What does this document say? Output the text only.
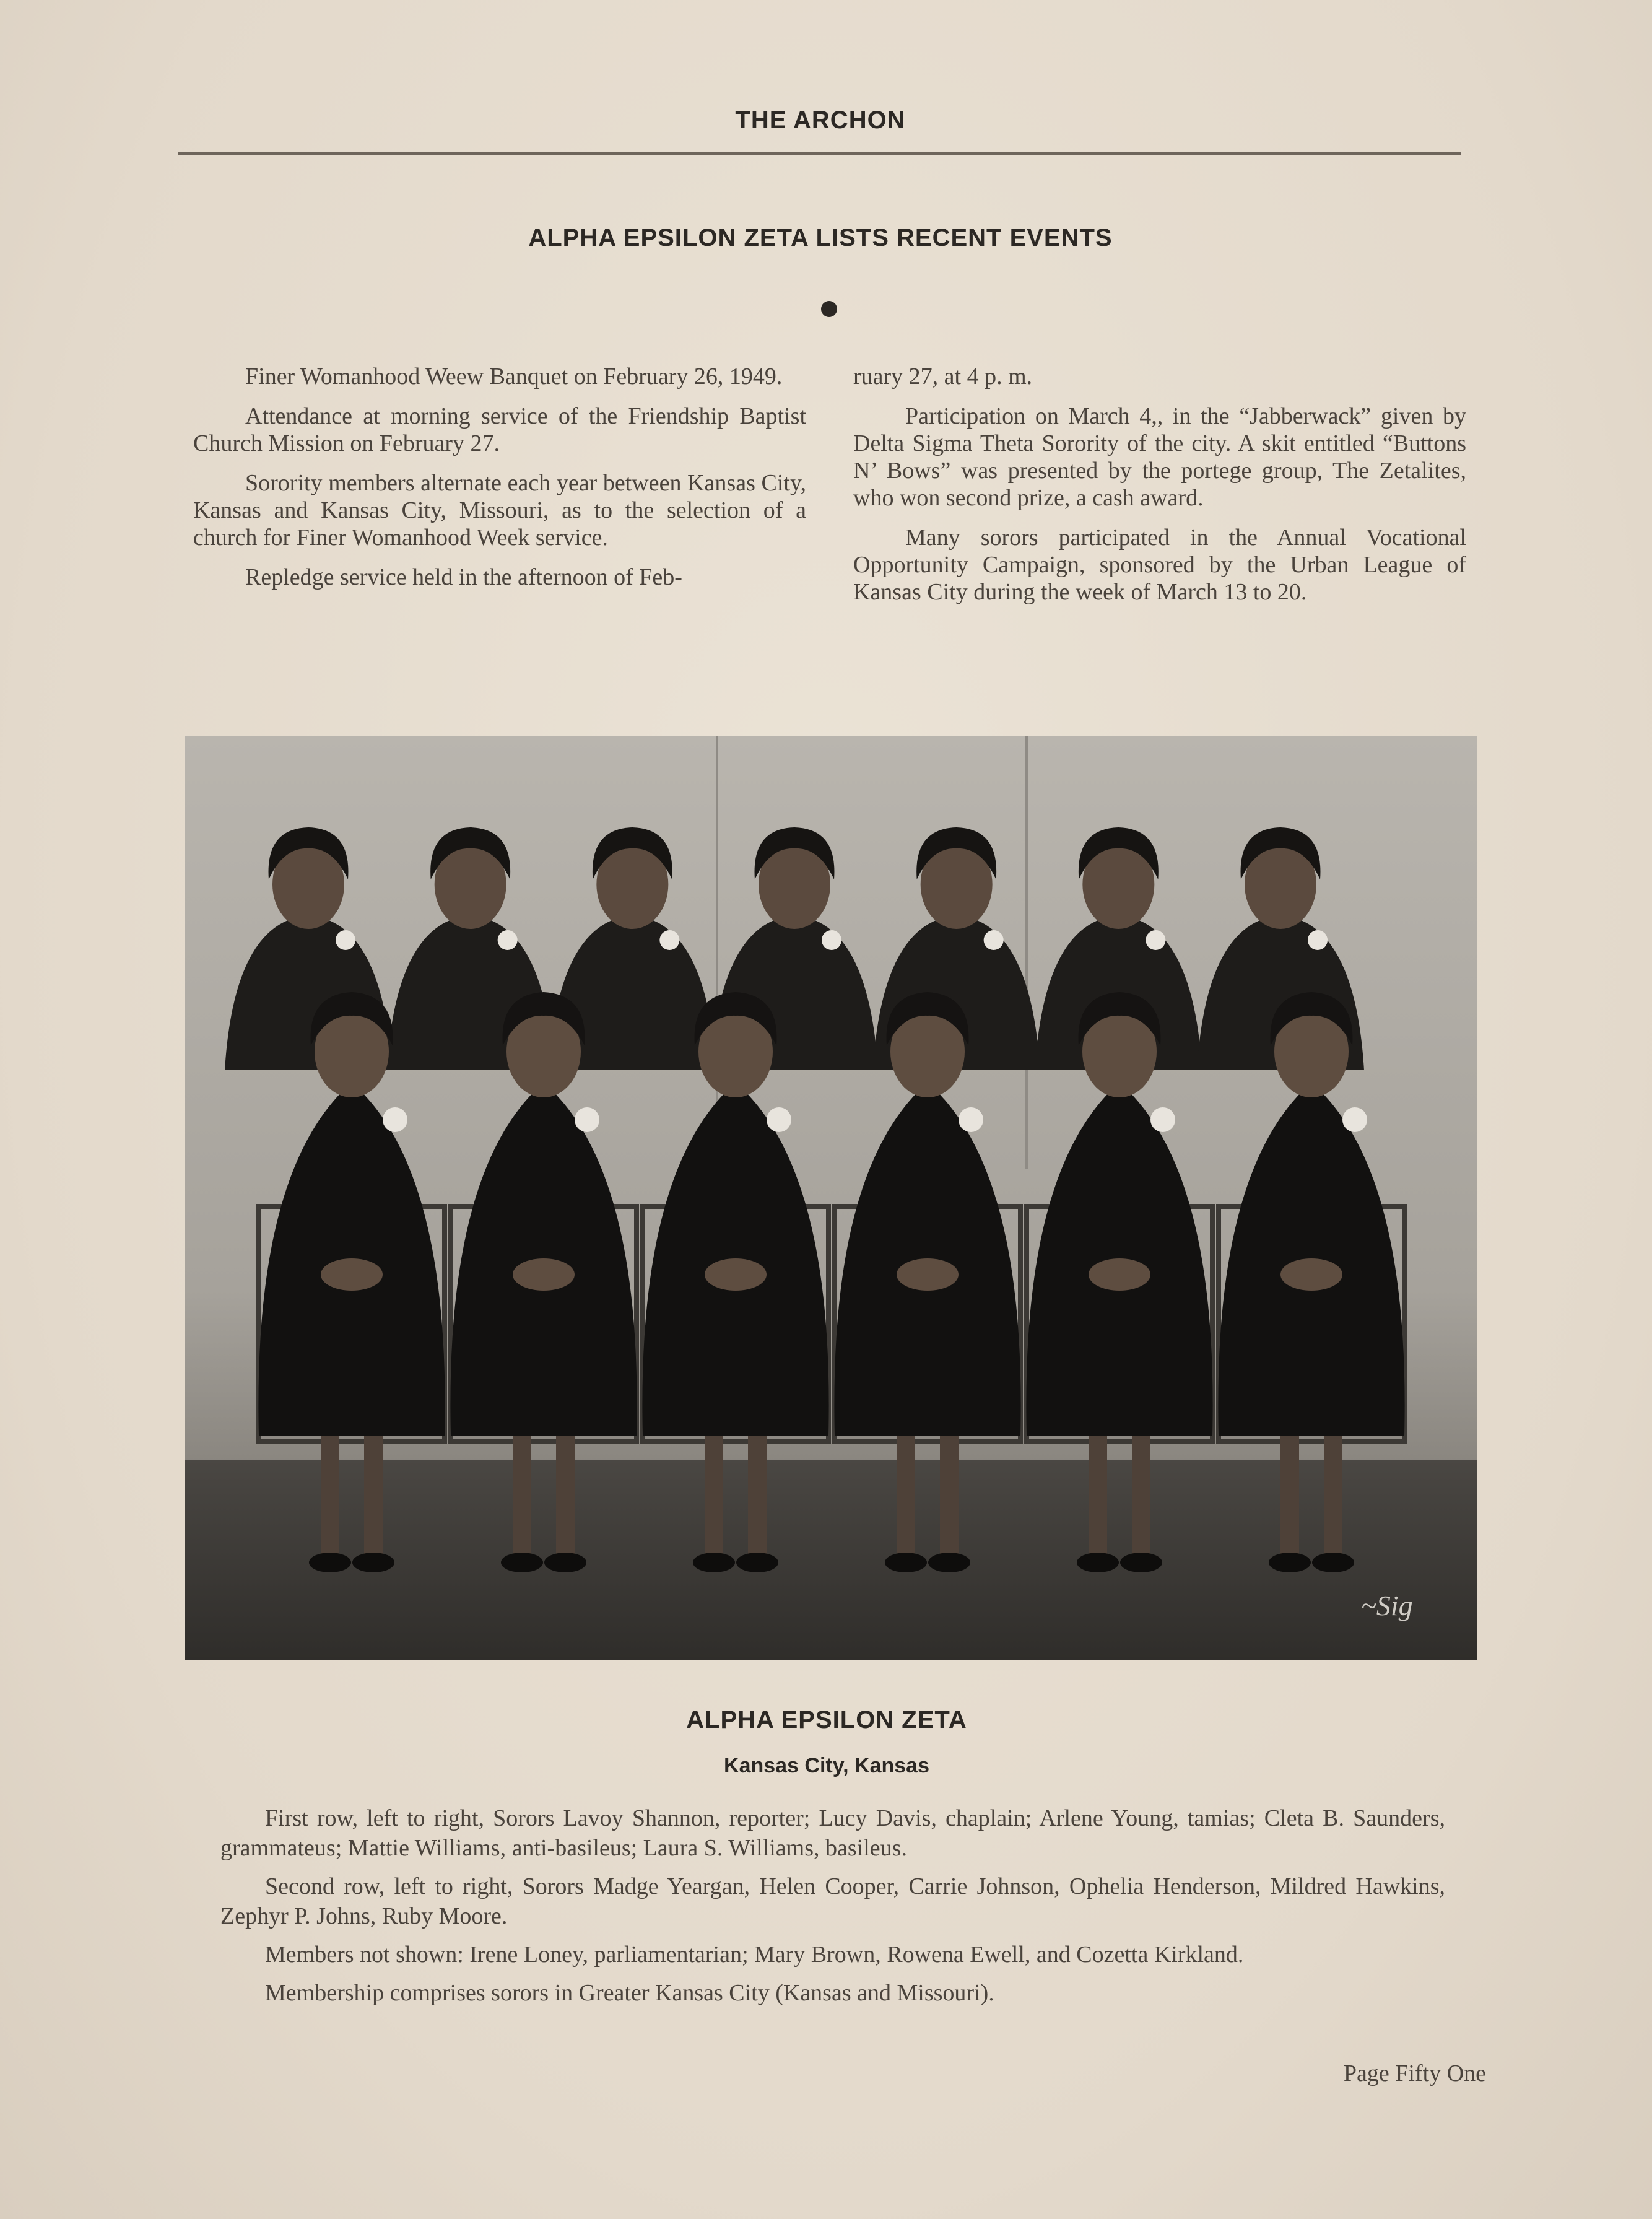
THE ARCHON
ALPHA EPSILON ZETA LISTS RECENT EVENTS

Finer Womanhood Weew Banquet on February 26, 1949.

Attendance at morning service of the Friendship Baptist Church Mission on February 27.

Sorority members alternate each year between Kansas City, Kansas and Kansas City, Missouri, as to the selection of a church for Finer Womanhood Week service.

Repledge service held in the afternoon of Feb-

ruary 27, at 4 p. m.

Participation on March 4,, in the “Jabberwack” given by Delta Sigma Theta Sorority of the city. A skit entitled “Buttons N’ Bows” was presented by the portege group, The Zetalites, who won second prize, a cash award.

Many sorors participated in the Annual Vocational Opportunity Campaign, sponsored by the Urban League of Kansas City during the week of March 13 to 20.

~Sig
ALPHA EPSILON ZETA
Kansas City, Kansas

First row, left to right, Sorors Lavoy Shannon, reporter; Lucy Davis, chaplain; Arlene Young, tamias; Cleta B. Saunders, grammateus; Mattie Williams, anti-basileus; Laura S. Williams, basileus.

Second row, left to right, Sorors Madge Yeargan, Helen Cooper, Carrie Johnson, Ophelia Henderson, Mildred Hawkins, Zephyr P. Johns, Ruby Moore.

Members not shown: Irene Loney, parliamentarian; Mary Brown, Rowena Ewell, and Cozetta Kirkland.

Membership comprises sorors in Greater Kansas City (Kansas and Missouri).

Page Fifty One
